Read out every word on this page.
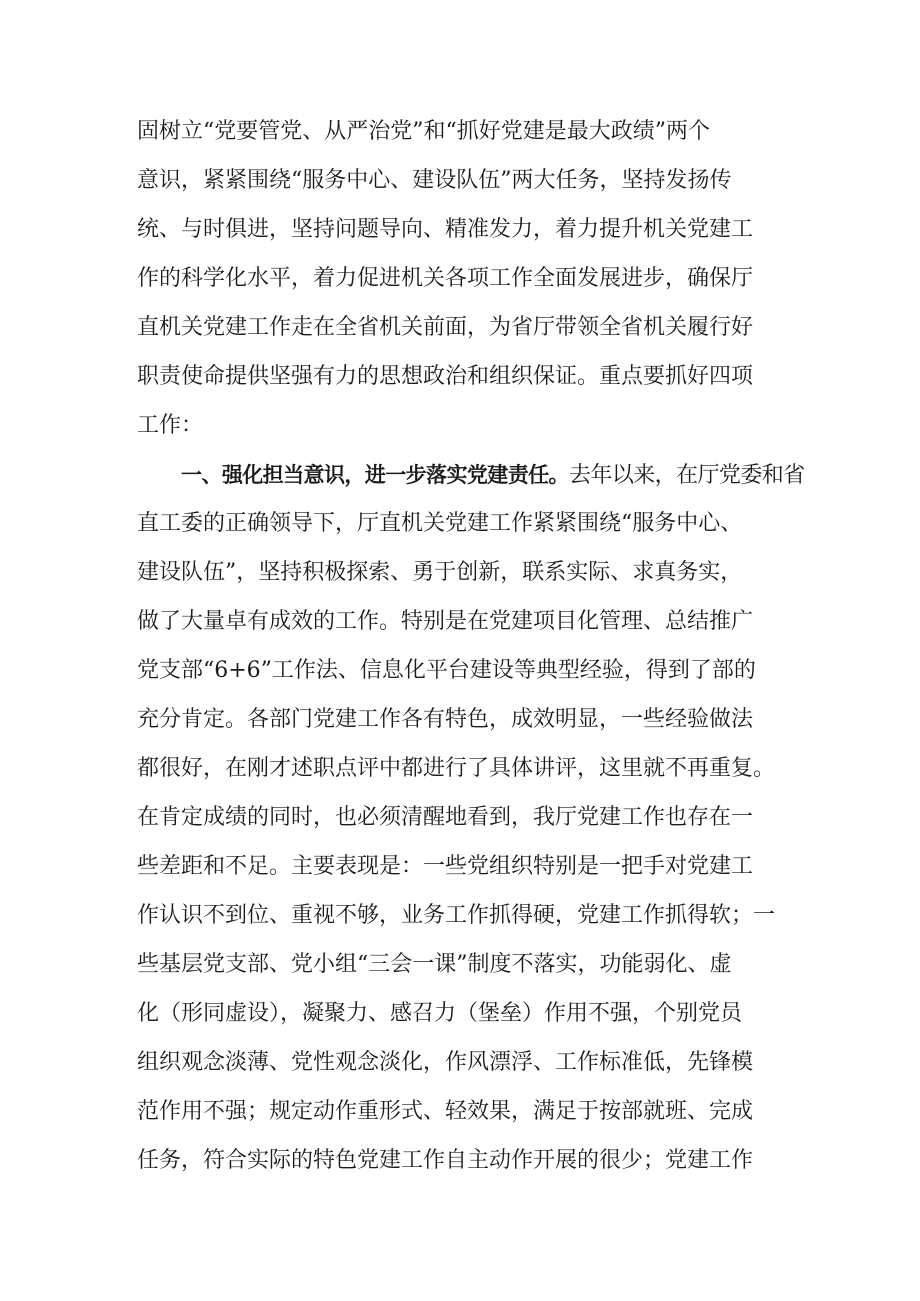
固树立“党要管党、从严治党”和“抓好党建是最大政绩”两个
意识，紧紧围绕“服务中心、建设队伍”两大任务，坚持发扬传
统、与时俱进，坚持问题导向、精准发力，着力提升机关党建工
作的科学化水平，着力促进机关各项工作全面发展进步，确保厅
直机关党建工作走在全省机关前面，为省厅带领全省机关履行好
职责使命提供坚强有力的思想政治和组织保证。重点要抓好四项
工作：
一、强化担当意识，进一步落实党建责任。去年以来，在厅党委和省
直工委的正确领导下，厅直机关党建工作紧紧围绕“服务中心、
建设队伍”，坚持积极探索、勇于创新，联系实际、求真务实，
做了大量卓有成效的工作。特别是在党建项目化管理、总结推广
党支部“6+6”工作法、信息化平台建设等典型经验，得到了部的
充分肯定。各部门党建工作各有特色，成效明显，一些经验做法
都很好，在刚才述职点评中都进行了具体讲评，这里就不再重复。
在肯定成绩的同时，也必须清醒地看到，我厅党建工作也存在一
些差距和不足。主要表现是：一些党组织特别是一把手对党建工
作认识不到位、重视不够，业务工作抓得硬，党建工作抓得软；一
些基层党支部、党小组“三会一课”制度不落实，功能弱化、虚
化（形同虚设），凝聚力、感召力（堡垒）作用不强，个别党员
组织观念淡薄、党性观念淡化，作风漂浮、工作标准低，先锋模
范作用不强；规定动作重形式、轻效果，满足于按部就班、完成
任务，符合实际的特色党建工作自主动作开展的很少；党建工作
